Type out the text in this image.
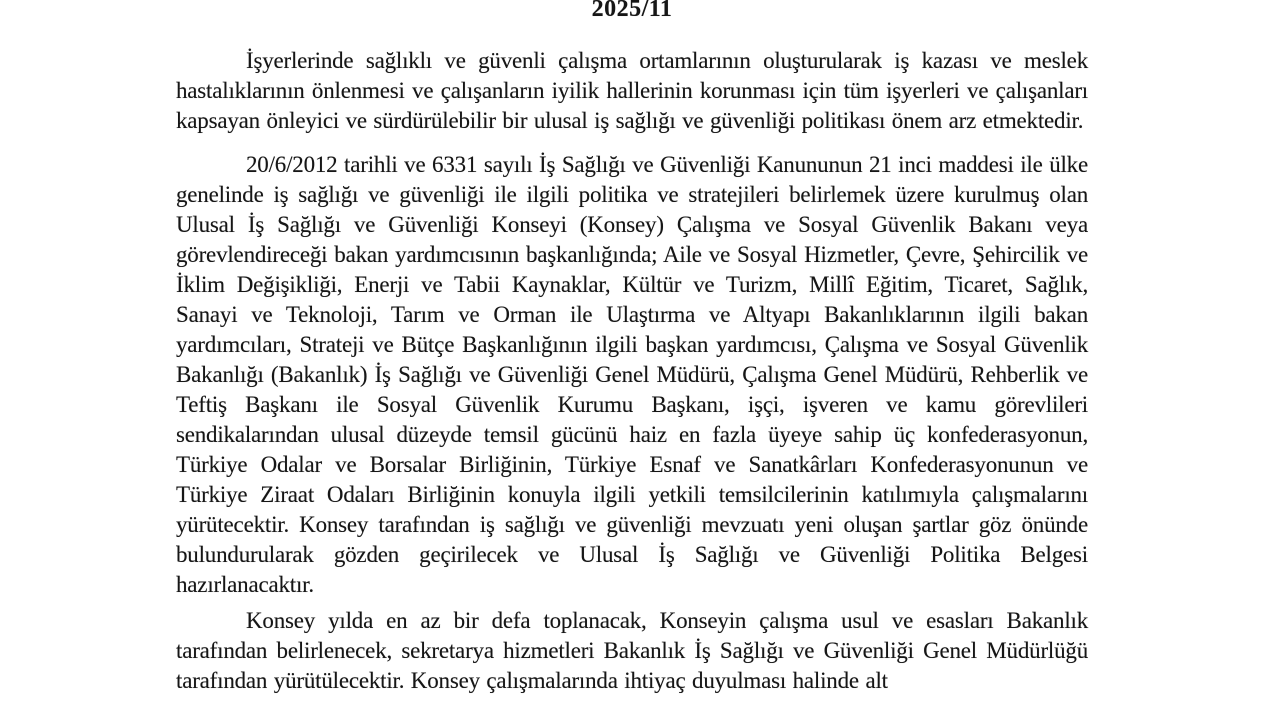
2025/11

İşyerlerinde sağlıklı ve güvenli çalışma ortamlarının oluşturularak iş kazası ve meslek hastalıklarının önlenmesi ve çalışanların iyilik hallerinin korunması için tüm işyerleri ve çalışanları kapsayan önleyici ve sürdürülebilir bir ulusal iş sağlığı ve güvenliği politikası önem arz etmektedir.

20/6/2012 tarihli ve 6331 sayılı İş Sağlığı ve Güvenliği Kanununun 21 inci maddesi ile ülke genelinde iş sağlığı ve güvenliği ile ilgili politika ve stratejileri belirlemek üzere kurulmuş olan Ulusal İş Sağlığı ve Güvenliği Konseyi (Konsey) Çalışma ve Sosyal Güvenlik Bakanı veya görevlendireceği bakan yardımcısının başkanlığında; Aile ve Sosyal Hizmetler, Çevre, Şehircilik ve İklim Değişikliği, Enerji ve Tabii Kaynaklar, Kültür ve Turizm, Millî Eğitim, Ticaret, Sağlık, Sanayi ve Teknoloji, Tarım ve Orman ile Ulaştırma ve Altyapı Bakanlıklarının ilgili bakan yardımcıları, Strateji ve Bütçe Başkanlığının ilgili başkan yardımcısı, Çalışma ve Sosyal Güvenlik Bakanlığı (Bakanlık) İş Sağlığı ve Güvenliği Genel Müdürü, Çalışma Genel Müdürü, Rehberlik ve Teftiş Başkanı ile Sosyal Güvenlik Kurumu Başkanı, işçi, işveren ve kamu görevlileri sendikalarından ulusal düzeyde temsil gücünü haiz en fazla üyeye sahip üç konfederasyonun, Türkiye Odalar ve Borsalar Birliğinin, Türkiye Esnaf ve Sanatkârları Konfederasyonunun ve Türkiye Ziraat Odaları Birliğinin konuyla ilgili yetkili temsilcilerinin katılımıyla çalışmalarını yürütecektir. Konsey tarafından iş sağlığı ve güvenliği mevzuatı yeni oluşan şartlar göz önünde bulundurularak gözden geçirilecek ve Ulusal İş Sağlığı ve Güvenliği Politika Belgesi hazırlanacaktır.

Konsey yılda en az bir defa toplanacak, Konseyin çalışma usul ve esasları Bakanlık tarafından belirlenecek, sekretarya hizmetleri Bakanlık İş Sağlığı ve Güvenliği Genel Müdürlüğü tarafından yürütülecektir. Konsey çalışmalarında ihtiyaç duyulması halinde alt
